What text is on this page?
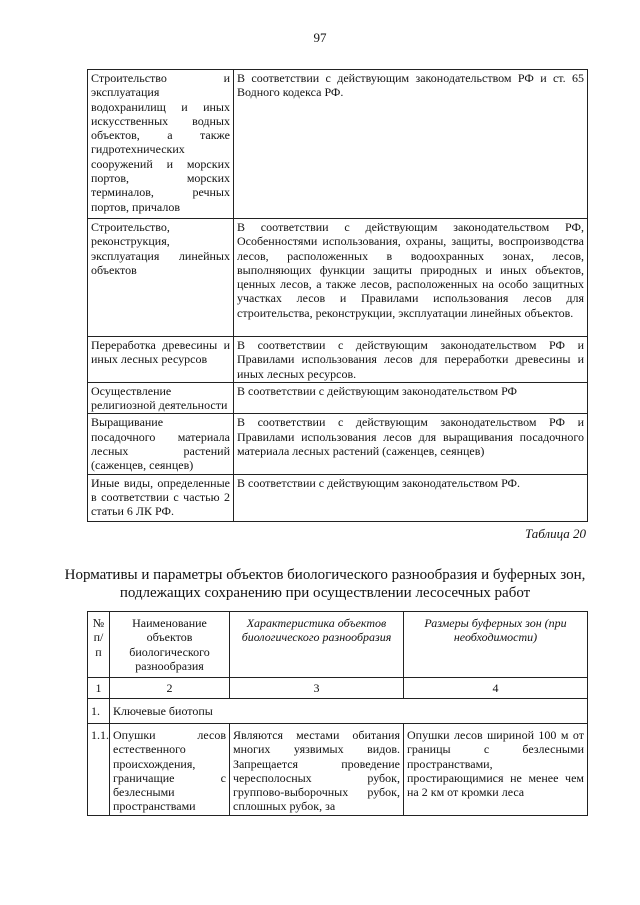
97
Строительство и эксплуатация водохранилищ и иных искусственных водных объектов, а также гидротехнических сооружений и морских портов, морских терминалов, речных портов, причалов	В соответствии с действующим законодательством РФ и ст. 65 Водного кодекса РФ.
Строительство, реконструкция, эксплуатация линейных объектов	В соответствии с действующим законодательством РФ, Особенностями использования, охраны, защиты, воспроизводства лесов, расположенных в водоохранных зонах, лесов, выполняющих функции защиты природных и иных объектов, ценных лесов, а также лесов, расположенных на особо защитных участках лесов и Правилами использования лесов для строительства, реконструкции, эксплуатации линейных объектов.
Переработка древесины и иных лесных ресурсов	В соответствии с действующим законодательством РФ и Правилами использования лесов для переработки древесины и иных лесных ресурсов.
Осуществление религиозной деятельности	В соответствии с действующим законодательством РФ
Выращивание посадочного материала лесных растений (саженцев, сеянцев)	В соответствии с действующим законодательством РФ и Правилами использования лесов для выращивания посадочного материала лесных растений (саженцев, сеянцев)
Иные виды, определенные в соответствии с частью 2 статьи 6 ЛК РФ.	В соответствии с действующим законодательством РФ.
Таблица 20
Нормативы и параметры объектов биологического разнообразия и буферных зон, подлежащих сохранению при осуществлении лесосечных работ
№ п/п	Наименование объектов биологического разнообразия	Характеристика объектов биологического разнообразия	Размеры буферных зон (при необходимости)
1	2	3	4
1.	Ключевые биотопы		
1.1.	Опушки лесов естественного происхождения, граничащие с безлесными пространствами	Являются местами обитания многих уязвимых видов. Запрещается проведение чересполосных рубок, группово-выборочных рубок, сплошных рубок, за	Опушки лесов шириной 100 м от границы с безлесными пространствами, простирающимися не менее чем на 2 км от кромки леса
